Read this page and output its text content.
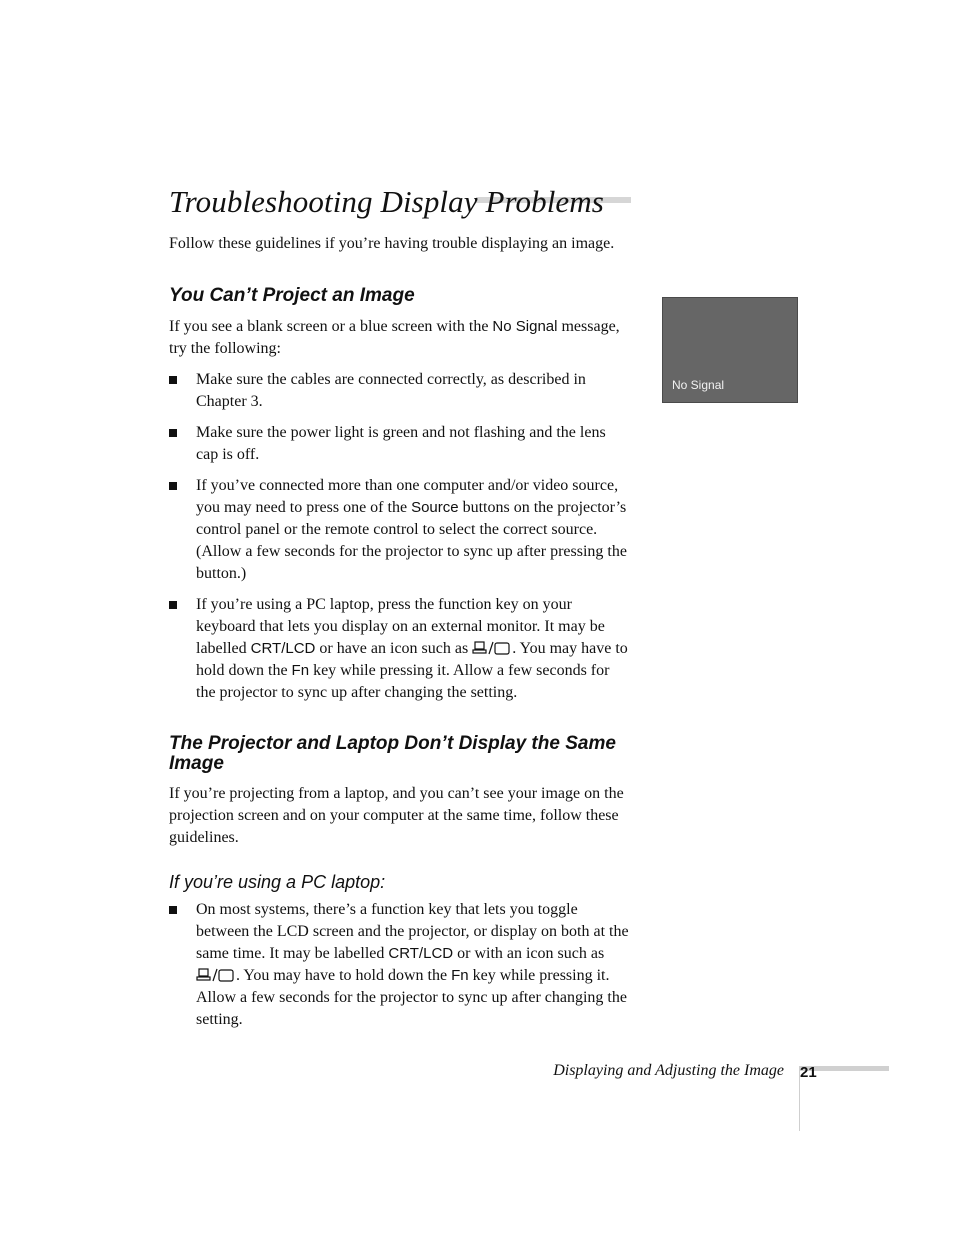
Troubleshooting Display Problems
Follow these guidelines if you’re having trouble displaying an image.
You Can’t Project an Image

If you see a blank screen or a blue screen with the No Signal message, try the following:

Make sure the cables are connected correctly, as described in Chapter 3.
Make sure the power light is green and not flashing and the lens cap is off.
If you’ve connected more than one computer and/or video source, you may need to press one of the Source buttons on the projector’s control panel or the remote control to select the correct source. (Allow a few seconds for the projector to sync up after pressing the button.)
If you’re using a PC laptop, press the function key on your keyboard that lets you display on an external monitor. It may be labelled CRT/LCD or have an icon such as	. You may have to hold down the Fn key while pressing it. Allow a few seconds for the projector to sync up after changing the setting.
The Projector and Laptop Don’t Display the Same Image

If you’re projecting from a laptop, and you can’t see your image on the projection screen and on your computer at the same time, follow these guidelines.

If you’re using a PC laptop:
On most systems, there’s a function key that lets you toggle between the LCD screen and the projector, or display on both at the same time. It may be labelled CRT/LCD or with an icon such as . You may have to hold down the Fn key while pressing it. Allow a few seconds for the projector to sync up after changing the setting.
No Signal
Displaying and Adjusting the Image 21
